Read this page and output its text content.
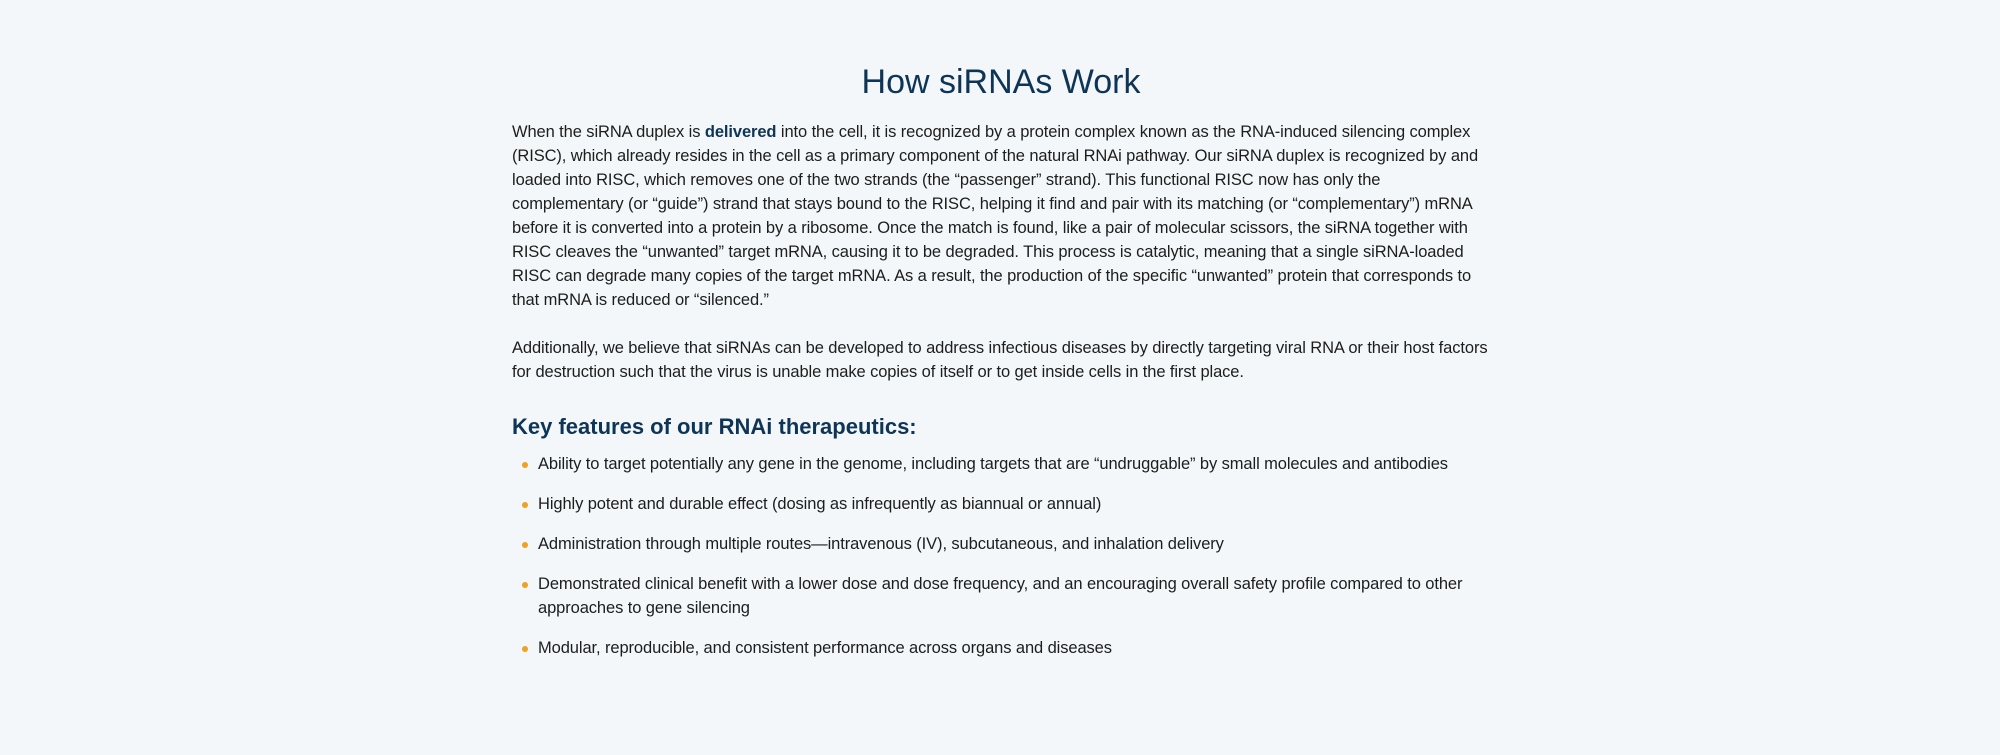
How siRNAs Work

When the siRNA duplex is delivered into the cell, it is recognized by a protein complex known as the RNA-induced silencing complex (RISC), which already resides in the cell as a primary component of the natural RNAi pathway. Our siRNA duplex is recognized by and loaded into RISC, which removes one of the two strands (the “passenger” strand). This functional RISC now has only the complementary (or “guide”) strand that stays bound to the RISC, helping it find and pair with its matching (or “complementary”) mRNA before it is converted into a protein by a ribosome. Once the match is found, like a pair of molecular scissors, the siRNA together with RISC cleaves the “unwanted” target mRNA, causing it to be degraded. This process is catalytic, meaning that a single siRNA-loaded RISC can degrade many copies of the target mRNA. As a result, the production of the specific “unwanted” protein that corresponds to that mRNA is reduced or “silenced.”

Additionally, we believe that siRNAs can be developed to address infectious diseases by directly targeting viral RNA or their host factors for destruction such that the virus is unable make copies of itself or to get inside cells in the first place.

Key features of our RNAi therapeutics:
Ability to target potentially any gene in the genome, including targets that are “undruggable” by small molecules and antibodies
Highly potent and durable effect (dosing as infrequently as biannual or annual)
Administration through multiple routes—intravenous (IV), subcutaneous, and inhalation delivery
Demonstrated clinical benefit with a lower dose and dose frequency, and an encouraging overall safety profile compared to other approaches to gene silencing
Modular, reproducible, and consistent performance across organs and diseases
